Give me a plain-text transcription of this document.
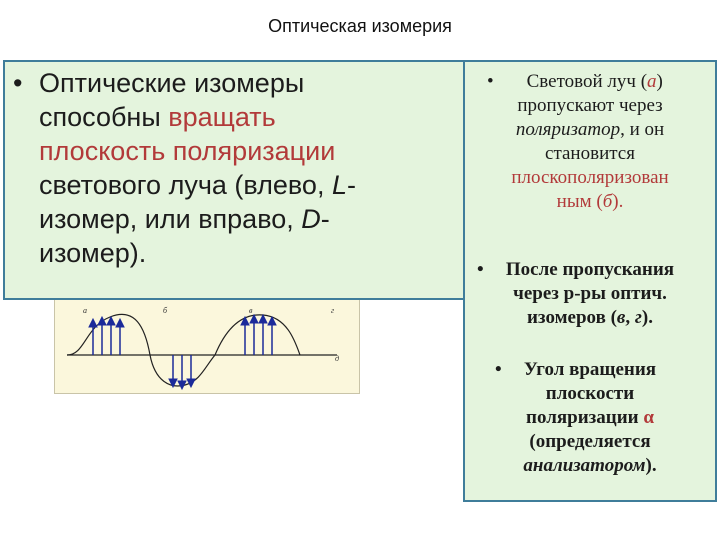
Оптическая изомерия
а	б	в	г
д
• Оптические изомеры
способны вращать
плоскость поляризации
светового луча (влево, L-
изомер, или вправо, D-
изомер).
•	Световой луч (а)
пропускают через
поляризатор, и он
становится
плоскополяризован
ным (б).
•	После пропускания
через р-ры оптич.
изомеров (в, г).
•	Угол вращения
плоскости
поляризации α
(определяется
анализатором).
